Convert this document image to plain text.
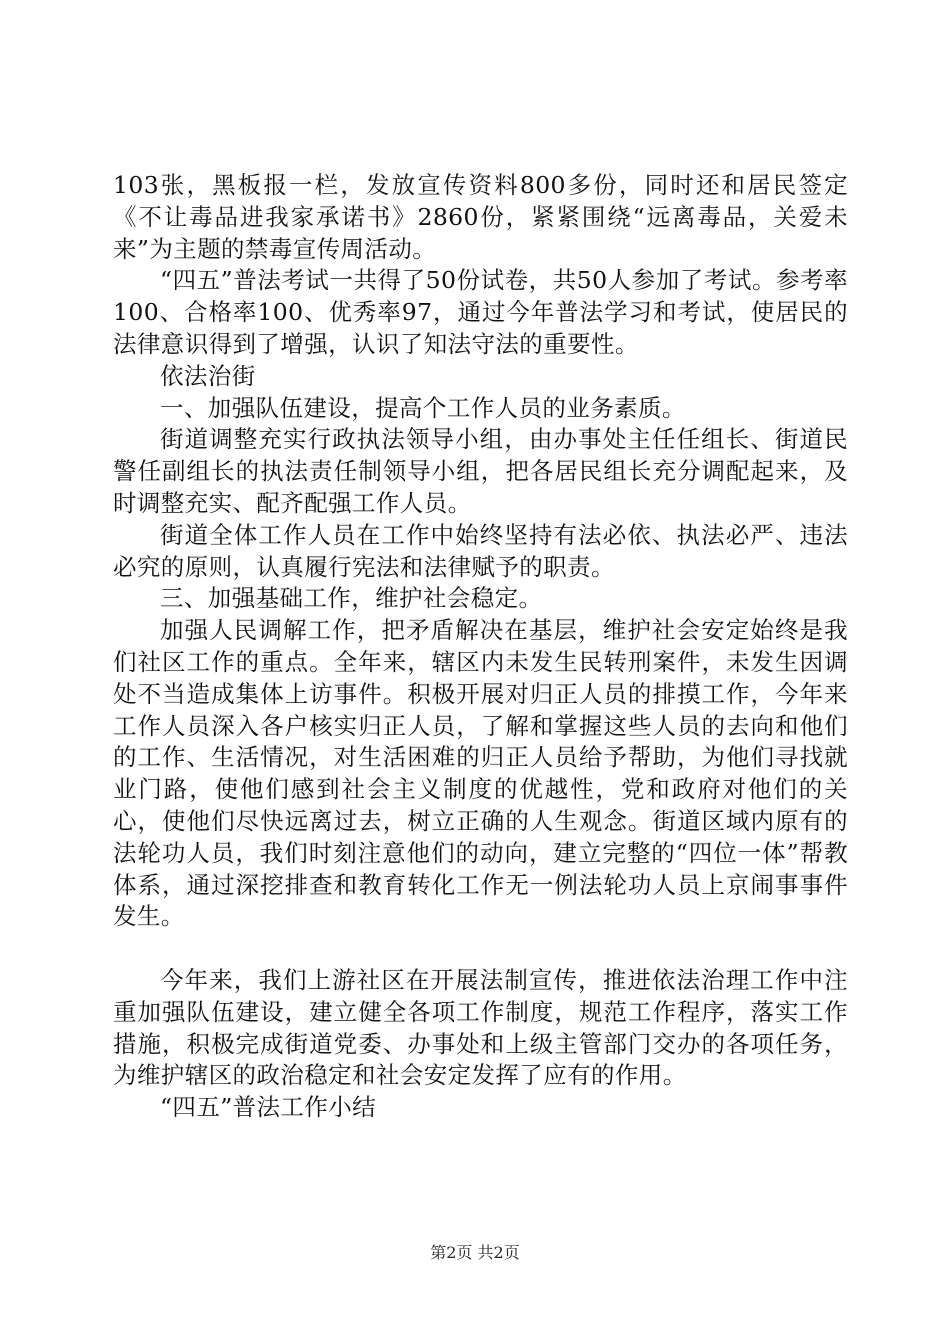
103张，黑板报一栏，发放宣传资料800多份，同时还和居民签定《不让毒品进我家承诺书》2860份，紧紧围绕“远离毒品，关爱未来”为主题的禁毒宣传周活动。

“四五”普法考试一共得了50份试卷，共50人参加了考试。参考率100、合格率100、优秀率97，通过今年普法学习和考试，使居民的法律意识得到了增强，认识了知法守法的重要性。

依法治街

一、加强队伍建设，提高个工作人员的业务素质。

街道调整充实行政执法领导小组，由办事处主任任组长、街道民警任副组长的执法责任制领导小组，把各居民组长充分调配起来，及时调整充实、配齐配强工作人员。

街道全体工作人员在工作中始终坚持有法必依、执法必严、违法必究的原则，认真履行宪法和法律赋予的职责。

三、加强基础工作，维护社会稳定。

加强人民调解工作，把矛盾解决在基层，维护社会安定始终是我们社区工作的重点。全年来，辖区内未发生民转刑案件，未发生因调处不当造成集体上访事件。积极开展对归正人员的排摸工作，今年来工作人员深入各户核实归正人员，了解和掌握这些人员的去向和他们的工作、生活情况，对生活困难的归正人员给予帮助，为他们寻找就业门路，使他们感到社会主义制度的优越性，党和政府对他们的关心，使他们尽快远离过去，树立正确的人生观念。街道区域内原有的法轮功人员，我们时刻注意他们的动向，建立完整的“四位一体”帮教体系，通过深挖排查和教育转化工作无一例法轮功人员上京闹事事件发生。

今年来，我们上游社区在开展法制宣传，推进依法治理工作中注重加强队伍建设，建立健全各项工作制度，规范工作程序，落实工作措施，积极完成街道党委、办事处和上级主管部门交办的各项任务，为维护辖区的政治稳定和社会安定发挥了应有的作用。

“四五”普法工作小结

第2页 共2页
